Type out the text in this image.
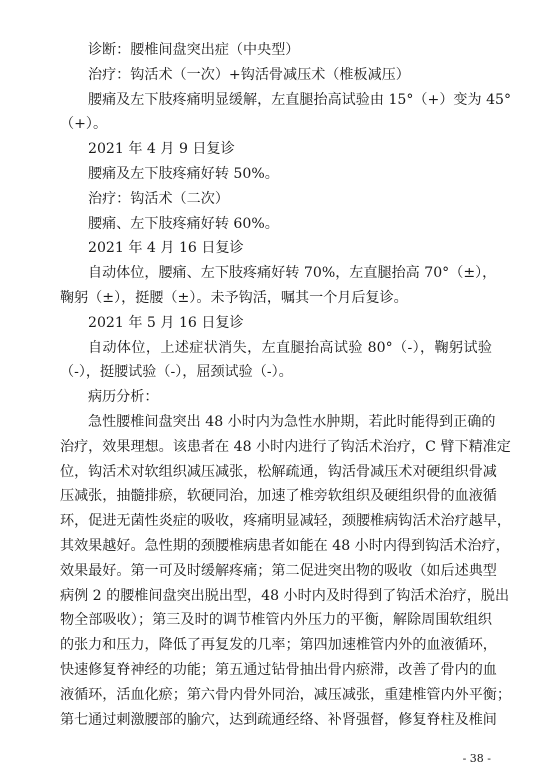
诊断：腰椎间盘突出症（中央型）
治疗：钩活术（一次）+钩活骨减压术（椎板减压）
腰痛及左下肢疼痛明显缓解，左直腿抬高试验由 15°（+）变为 45°
（+）。
2021 年 4 月 9 日复诊
腰痛及左下肢疼痛好转 50%。
治疗：钩活术（二次）
腰痛、左下肢疼痛好转 60%。
2021 年 4 月 16 日复诊
自动体位，腰痛、左下肢疼痛好转 70%，左直腿抬高 70°（±），
鞠躬（±），挺腰（±）。未予钩活，嘱其一个月后复诊。
2021 年 5 月 16 日复诊
自动体位，上述症状消失，左直腿抬高试验 80°（-），鞠躬试验
（-），挺腰试验（-），屈颈试验（-）。
病历分析：
急性腰椎间盘突出 48 小时内为急性水肿期，若此时能得到正确的
治疗，效果理想。该患者在 48 小时内进行了钩活术治疗，C 臂下精准定
位，钩活术对软组织减压减张，松解疏通，钩活骨减压术对硬组织骨减
压减张，抽髓排瘀，软硬同治，加速了椎旁软组织及硬组织骨的血液循
环，促进无菌性炎症的吸收，疼痛明显减轻，颈腰椎病钩活术治疗越早，
其效果越好。急性期的颈腰椎病患者如能在 48 小时内得到钩活术治疗，
效果最好。第一可及时缓解疼痛；第二促进突出物的吸收（如后述典型
病例 2 的腰椎间盘突出脱出型，48 小时内及时得到了钩活术治疗，脱出
物全部吸收）；第三及时的调节椎管内外压力的平衡，解除周围软组织
的张力和压力，降低了再复发的几率；第四加速椎管内外的血液循环，
快速修复脊神经的功能；第五通过钻骨抽出骨内瘀滞，改善了骨内的血
液循环，活血化瘀；第六骨内骨外同治，减压减张，重建椎管内外平衡；
第七通过刺激腰部的腧穴，达到疏通经络、补肾强督，修复脊柱及椎间
- 38 -
